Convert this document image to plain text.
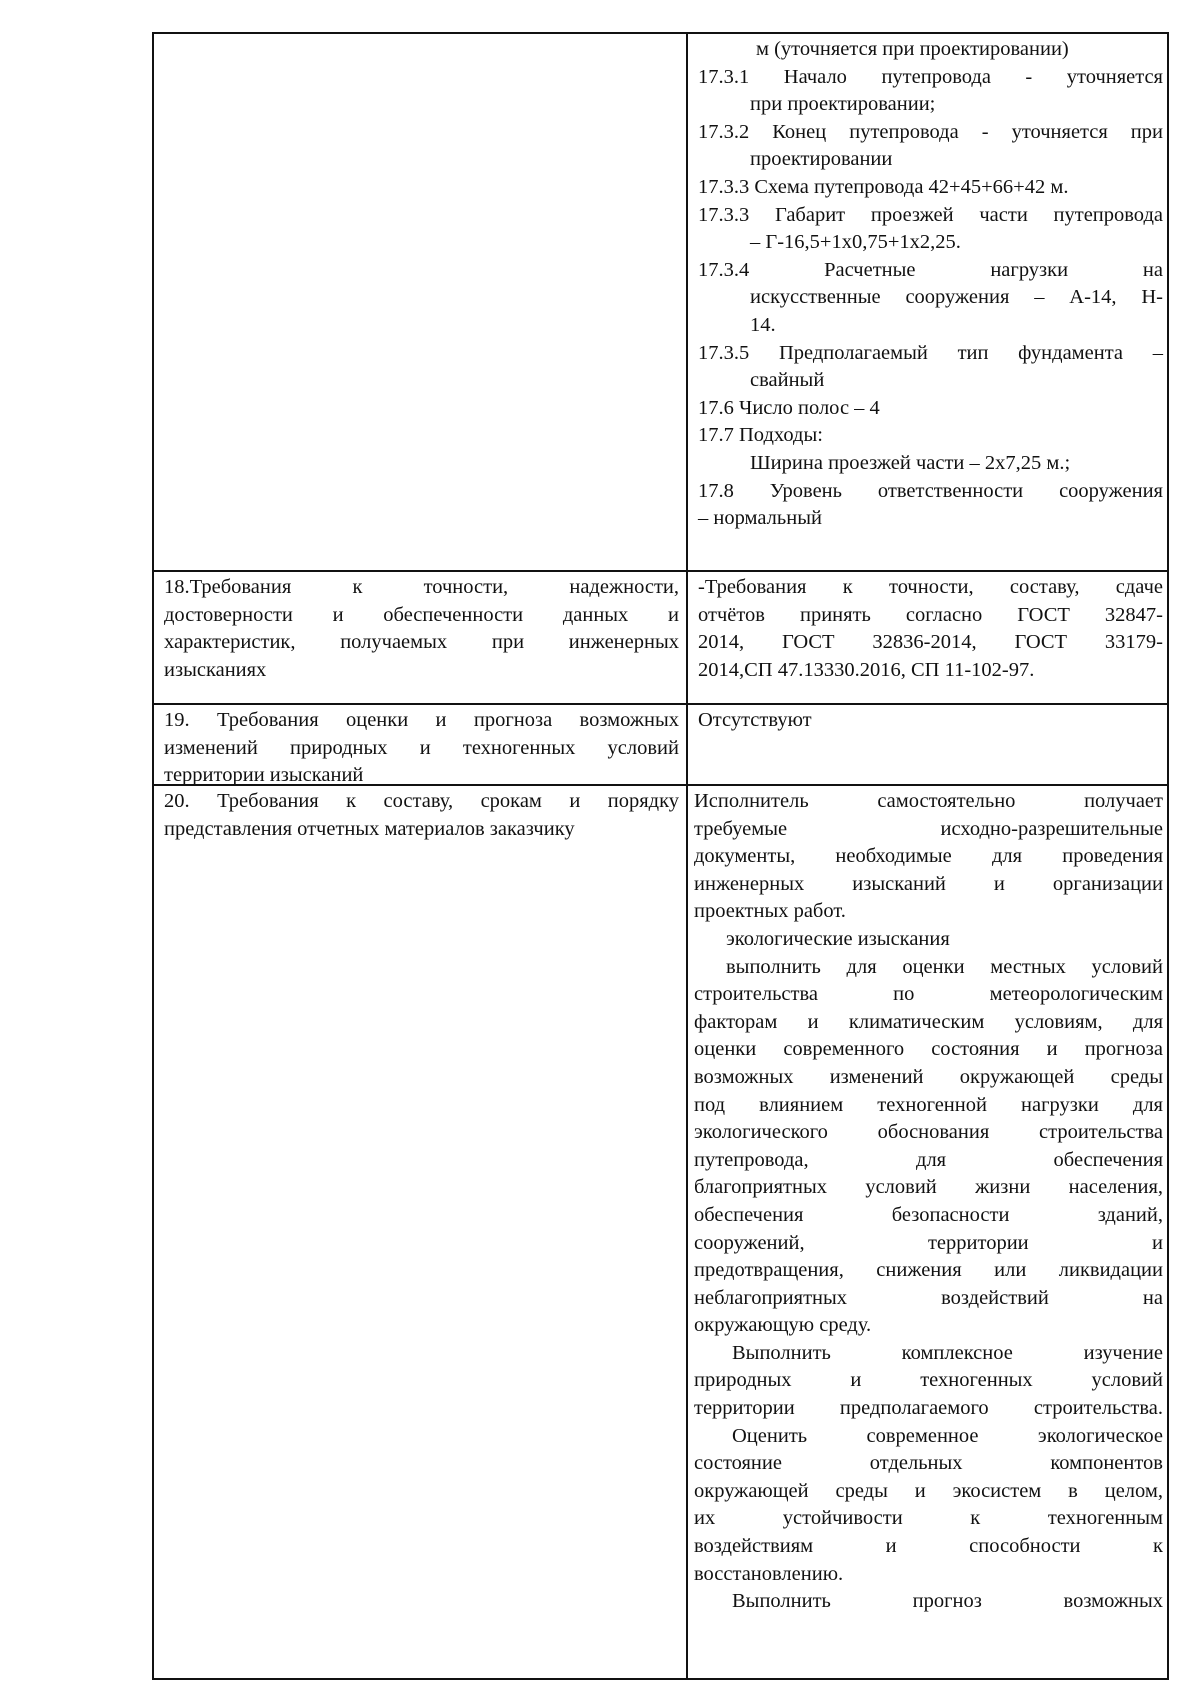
м (уточняется при проектировании)
17.3.1 Начало путепровода - уточняется
при проектировании;
17.3.2 Конец путепровода - уточняется при
проектировании
17.3.3 Схема путепровода 42+45+66+42 м.
17.3.3 Габарит проезжей части путепровода
– Г-16,5+1х0,75+1х2,25.
17.3.4 Расчетные нагрузки на
искусственные сооружения – А-14, Н-
14.
17.3.5 Предполагаемый тип фундамента –
свайный
17.6 Число полос – 4
17.7 Подходы:
Ширина проезжей части – 2х7,25 м.;
17.8 Уровень ответственности сооружения
– нормальный
18.Требования к точности, надежности,
достоверности и обеспеченности данных и
характеристик, получаемых при инженерных
изысканиях
-Требования к точности, составу, сдаче
отчётов принять согласно ГОСТ 32847-
2014, ГОСТ 32836-2014, ГОСТ 33179-
2014,СП 47.13330.2016, СП 11-102-97.
19. Требования оценки и прогноза возможных
изменений природных и техногенных условий
территории изысканий
Отсутствуют
20. Требования к составу, срокам и порядку
представления отчетных материалов заказчику
Исполнитель самостоятельно получает
требуемые исходно-разрешительные
документы, необходимые для проведения
инженерных изысканий и организации
проектных работ.
экологические изыскания
выполнить для оценки местных условий
строительства по метеорологическим
факторам и климатическим условиям, для
оценки современного состояния и прогноза
возможных изменений окружающей среды
под влиянием техногенной нагрузки для
экологического обоснования строительства
путепровода, для обеспечения
благоприятных условий жизни населения,
обеспечения безопасности зданий,
сооружений, территории и
предотвращения, снижения или ликвидации
неблагоприятных воздействий на
окружающую среду.
Выполнить комплексное изучение
природных и техногенных условий
территории предполагаемого строительства.
Оценить современное экологическое
состояние отдельных компонентов
окружающей среды и экосистем в целом,
их устойчивости к техногенным
воздействиям и способности к
восстановлению.
Выполнить прогноз возможных
